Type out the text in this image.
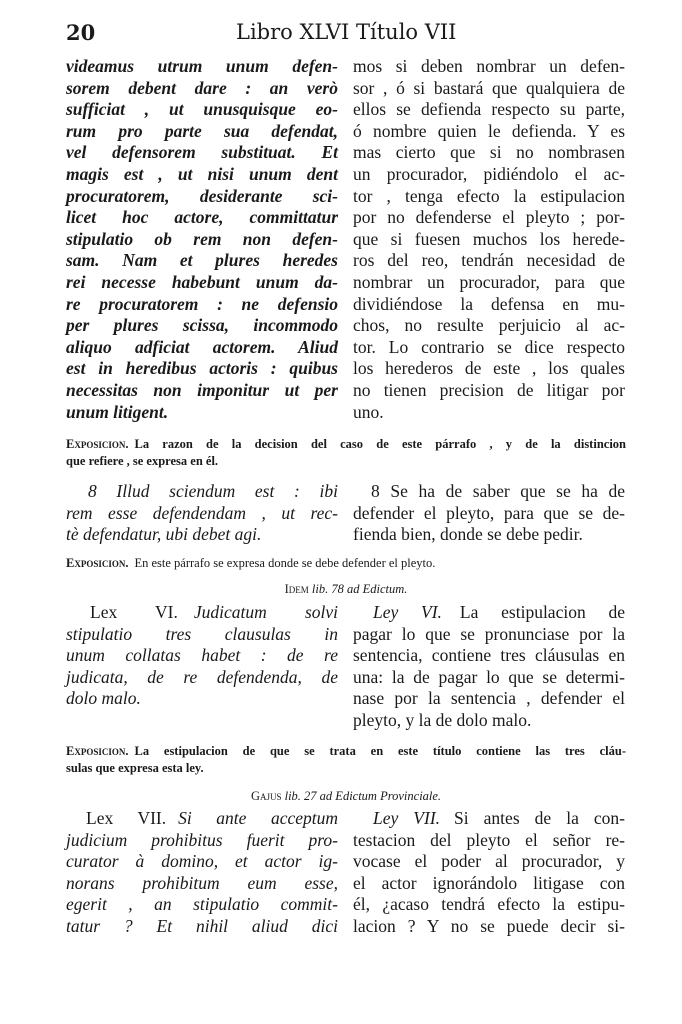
20	Libro XLVI Título VII
videamus utrum unum defen-
sorem debent dare : an verò
sufficiat , ut unusquisque eo-
rum pro parte sua defendat,
vel defensorem substituat. Et
magis est , ut nisi unum dent
procuratorem, desiderante sci-
licet hoc actore, committatur
stipulatio ob rem non defen-
sam. Nam et plures heredes
rei necesse habebunt unum da-
re procuratorem : ne defensio
per plures scissa, incommodo
aliquo adficiat actorem. Aliud
est in heredibus actoris : quibus
necessitas non imponitur ut per
unum litigent.
mos si deben nombrar un defen-
sor , ó si bastará que qualquiera de
ellos se defienda respecto su parte,
ó nombre quien le defienda. Y es
mas cierto que si no nombrasen
un procurador, pidiéndolo el ac-
tor , tenga efecto la estipulacion
por no defenderse el pleyto ; por-
que si fuesen muchos los herede-
ros del reo, tendrán necesidad de
nombrar un procurador, para que
dividiéndose la defensa en mu-
chos, no resulte perjuicio al ac-
tor. Lo contrario se dice respecto
los herederos de este , los quales
no tienen precision de litigar por
uno.
Exposicion. La razon de la decision del caso de este párrafo , y de la distincion
que refiere , se expresa en él.
8 Illud sciendum est : ibi
rem esse defendendam , ut rec-
tè defendatur, ubi debet agi.
8 Se ha de saber que se ha de
defender el pleyto, para que se de-
fienda bien, donde se debe pedir.
Exposicion. En este párrafo se expresa donde se debe defender el pleyto.
Idem lib. 78 ad Edictum.
Lex VI. Judicatum solvi
stipulatio tres clausulas in
unum collatas habet : de re
judicata, de re defendenda, de
dolo malo.
Ley VI. La estipulacion de
pagar lo que se pronunciase por la
sentencia, contiene tres cláusulas en
una: la de pagar lo que se determi-
nase por la sentencia , defender el
pleyto, y la de dolo malo.
Exposicion. La estipulacion de que se trata en este título contiene las tres cláu-
sulas que expresa esta ley.
Gajus lib. 27 ad Edictum Provinciale.
Lex VII. Si ante acceptum
judicium prohibitus fuerit pro-
curator à domino, et actor ig-
norans prohibitum eum esse,
egerit , an stipulatio commit-
tatur ? Et nihil aliud dici
Ley VII. Si antes de la con-
testacion del pleyto el señor re-
vocase el poder al procurador, y
el actor ignorándolo litigase con
él, ¿acaso tendrá efecto la estipu-
lacion ? Y no se puede decir si-
